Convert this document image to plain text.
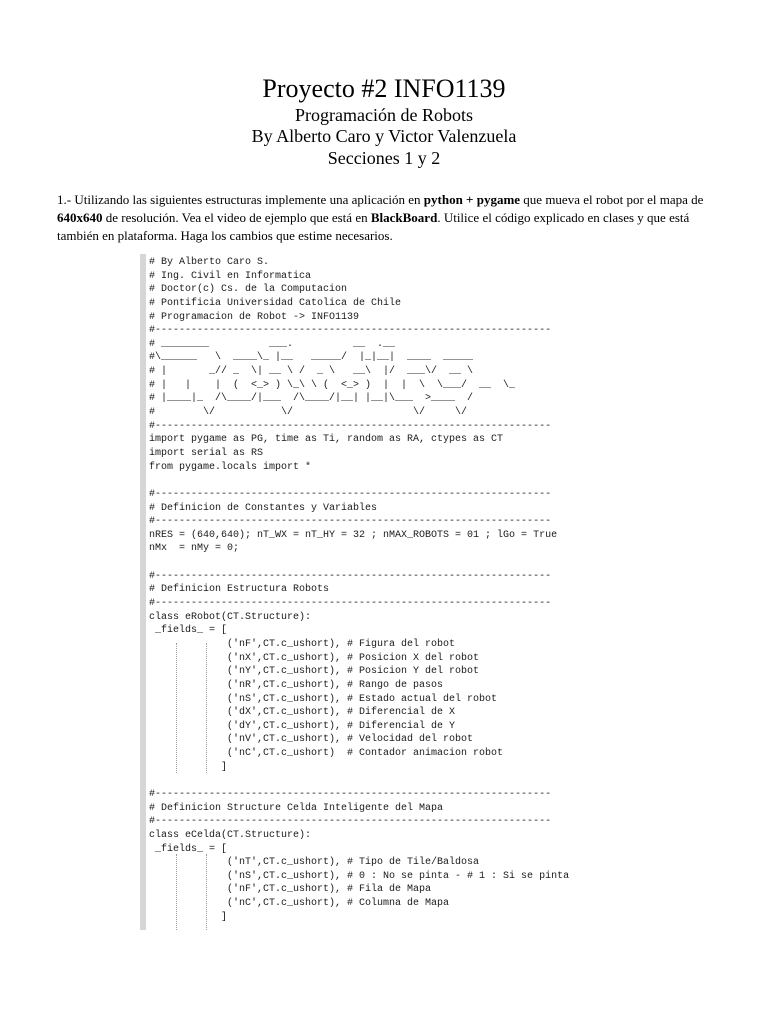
Proyecto #2 INFO1139
Programación de Robots
By Alberto Caro y Victor Valenzuela
Secciones 1 y 2
1.- Utilizando las siguientes estructuras implemente una aplicación en python + pygame que mueva el robot por el mapa de 640x640 de resolución. Vea el video de ejemplo que está en BlackBoard. Utilice el código explicado en clases y que está también en plataforma. Haga los cambios que estime necesarios.
# By Alberto Caro S.
# Ing. Civil en Informatica
# Doctor(c) Cs. de la Computacion
# Pontificia Universidad Catolica de Chile
# Programacion de Robot -> INFO1139
#------------------------------------------------------------------
# ________          ___.          __  .__
#\______   \  ____\_ |__   _____/  |_|__|  ____  _____
# |       _// _  \| __ \ /  _ \   __\  |/  ___\/  __ \
# |   |    |  (  <_> ) \_\ \ (  <_> )  |  |  \  \___/  __  \_
# |____|_  /\____/|___  /\____/|__| |__|\___  >____  /
#        \/           \/                    \/     \/
#------------------------------------------------------------------
import pygame as PG, time as Ti, random as RA, ctypes as CT
import serial as RS
from pygame.locals import *
#------------------------------------------------------------------
# Definicion de Constantes y Variables
#------------------------------------------------------------------
nRES = (640,640); nT_WX = nT_HY = 32 ; nMAX_ROBOTS = 01 ; lGo = True
nMx  = nMy = 0;
#------------------------------------------------------------------
# Definicion Estructura Robots
#------------------------------------------------------------------
class eRobot(CT.Structure):
_fields_ = [
('nF',CT.c_ushort), # Figura del robot
('nX',CT.c_ushort), # Posicion X del robot
('nY',CT.c_ushort), # Posicion Y del robot
('nR',CT.c_ushort), # Rango de pasos
('nS',CT.c_ushort), # Estado actual del robot
('dX',CT.c_ushort), # Diferencial de X
('dY',CT.c_ushort), # Diferencial de Y
('nV',CT.c_ushort), # Velocidad del robot
('nC',CT.c_ushort)  # Contador animacion robot
]
#------------------------------------------------------------------
# Definicion Structure Celda Inteligente del Mapa
#------------------------------------------------------------------
class eCelda(CT.Structure):
_fields_ = [
('nT',CT.c_ushort), # Tipo de Tile/Baldosa
('nS',CT.c_ushort), # 0 : No se pinta - # 1 : Si se pinta
('nF',CT.c_ushort), # Fila de Mapa
('nC',CT.c_ushort), # Columna de Mapa
]
